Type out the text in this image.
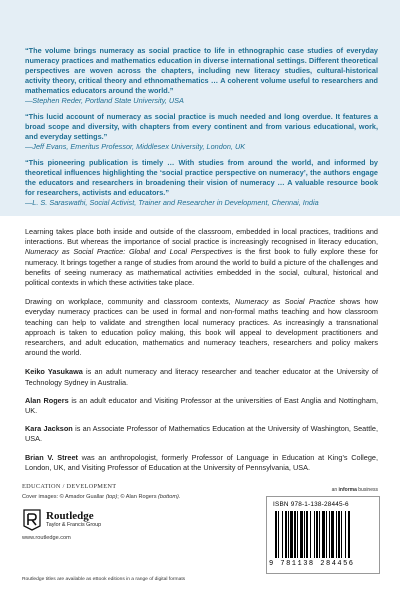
“The volume brings numeracy as social practice to life in ethnographic case studies of everyday numeracy practices and mathematics education in diverse international settings. Different theoretical perspectives are woven across the chapters, including new literacy studies, cultural-historical activity theory, critical theory and ethnomathematics … A coherent volume useful to researchers and mathematics educators around the world.”
—Stephen Reder, Portland State University, USA
“This lucid account of numeracy as social practice is much needed and long overdue. It features a broad scope and diversity, with chapters from every continent and from various educational, work, and everyday settings.”
—Jeff Evans, Emeritus Professor, Middlesex University, London, UK
“This pioneering publication is timely … With studies from around the world, and informed by theoretical influences highlighting the ‘social practice perspective on numeracy’, the authors engage the educators and researchers in broadening their vision of numeracy … A valuable resource book for researchers, activists and educators.”
—L. S. Saraswathi, Social Activist, Trainer and Researcher in Development, Chennai, India

Learning takes place both inside and outside of the classroom, embedded in local practices, traditions and interactions. But whereas the importance of social practice is increasingly recognised in literacy education, Numeracy as Social Practice: Global and Local Perspectives is the first book to fully explore these for numeracy. It brings together a range of studies from around the world to build a picture of the challenges and benefits of seeing numeracy as mathematical activities embedded in the social, cultural, historical and political contexts in which these activities take place.

Drawing on workplace, community and classroom contexts, Numeracy as Social Practice shows how everyday numeracy practices can be used in formal and non-formal maths teaching and how classroom teaching can help to validate and strengthen local numeracy practices. As increasingly a transnational approach is taken to education policy making, this book will appeal to development practitioners and researchers, and adult education, mathematics and numeracy teachers, researchers and policy makers around the world.

Keiko Yasukawa is an adult numeracy and literacy researcher and teacher educator at the University of Technology Sydney in Australia.

Alan Rogers is an adult educator and Visiting Professor at the universities of East Anglia and Nottingham, UK.

Kara Jackson is an Associate Professor of Mathematics Education at the University of Washington, Seattle, USA.

Brian V. Street was an anthropologist, formerly Professor of Language in Education at King’s College, London, UK, and Visiting Professor of Education at the University of Pennsylvania, USA.

EDUCATION / DEVELOPMENT
Cover images: © Amador Guallar (top); © Alan Rogers (bottom).
Routledge
Taylor & Francis Group
www.routledge.com
Routledge titles are available as eBook editions in a range of digital formats
an informa business
ISBN 978-1-138-28445-6
9 781138 284456
